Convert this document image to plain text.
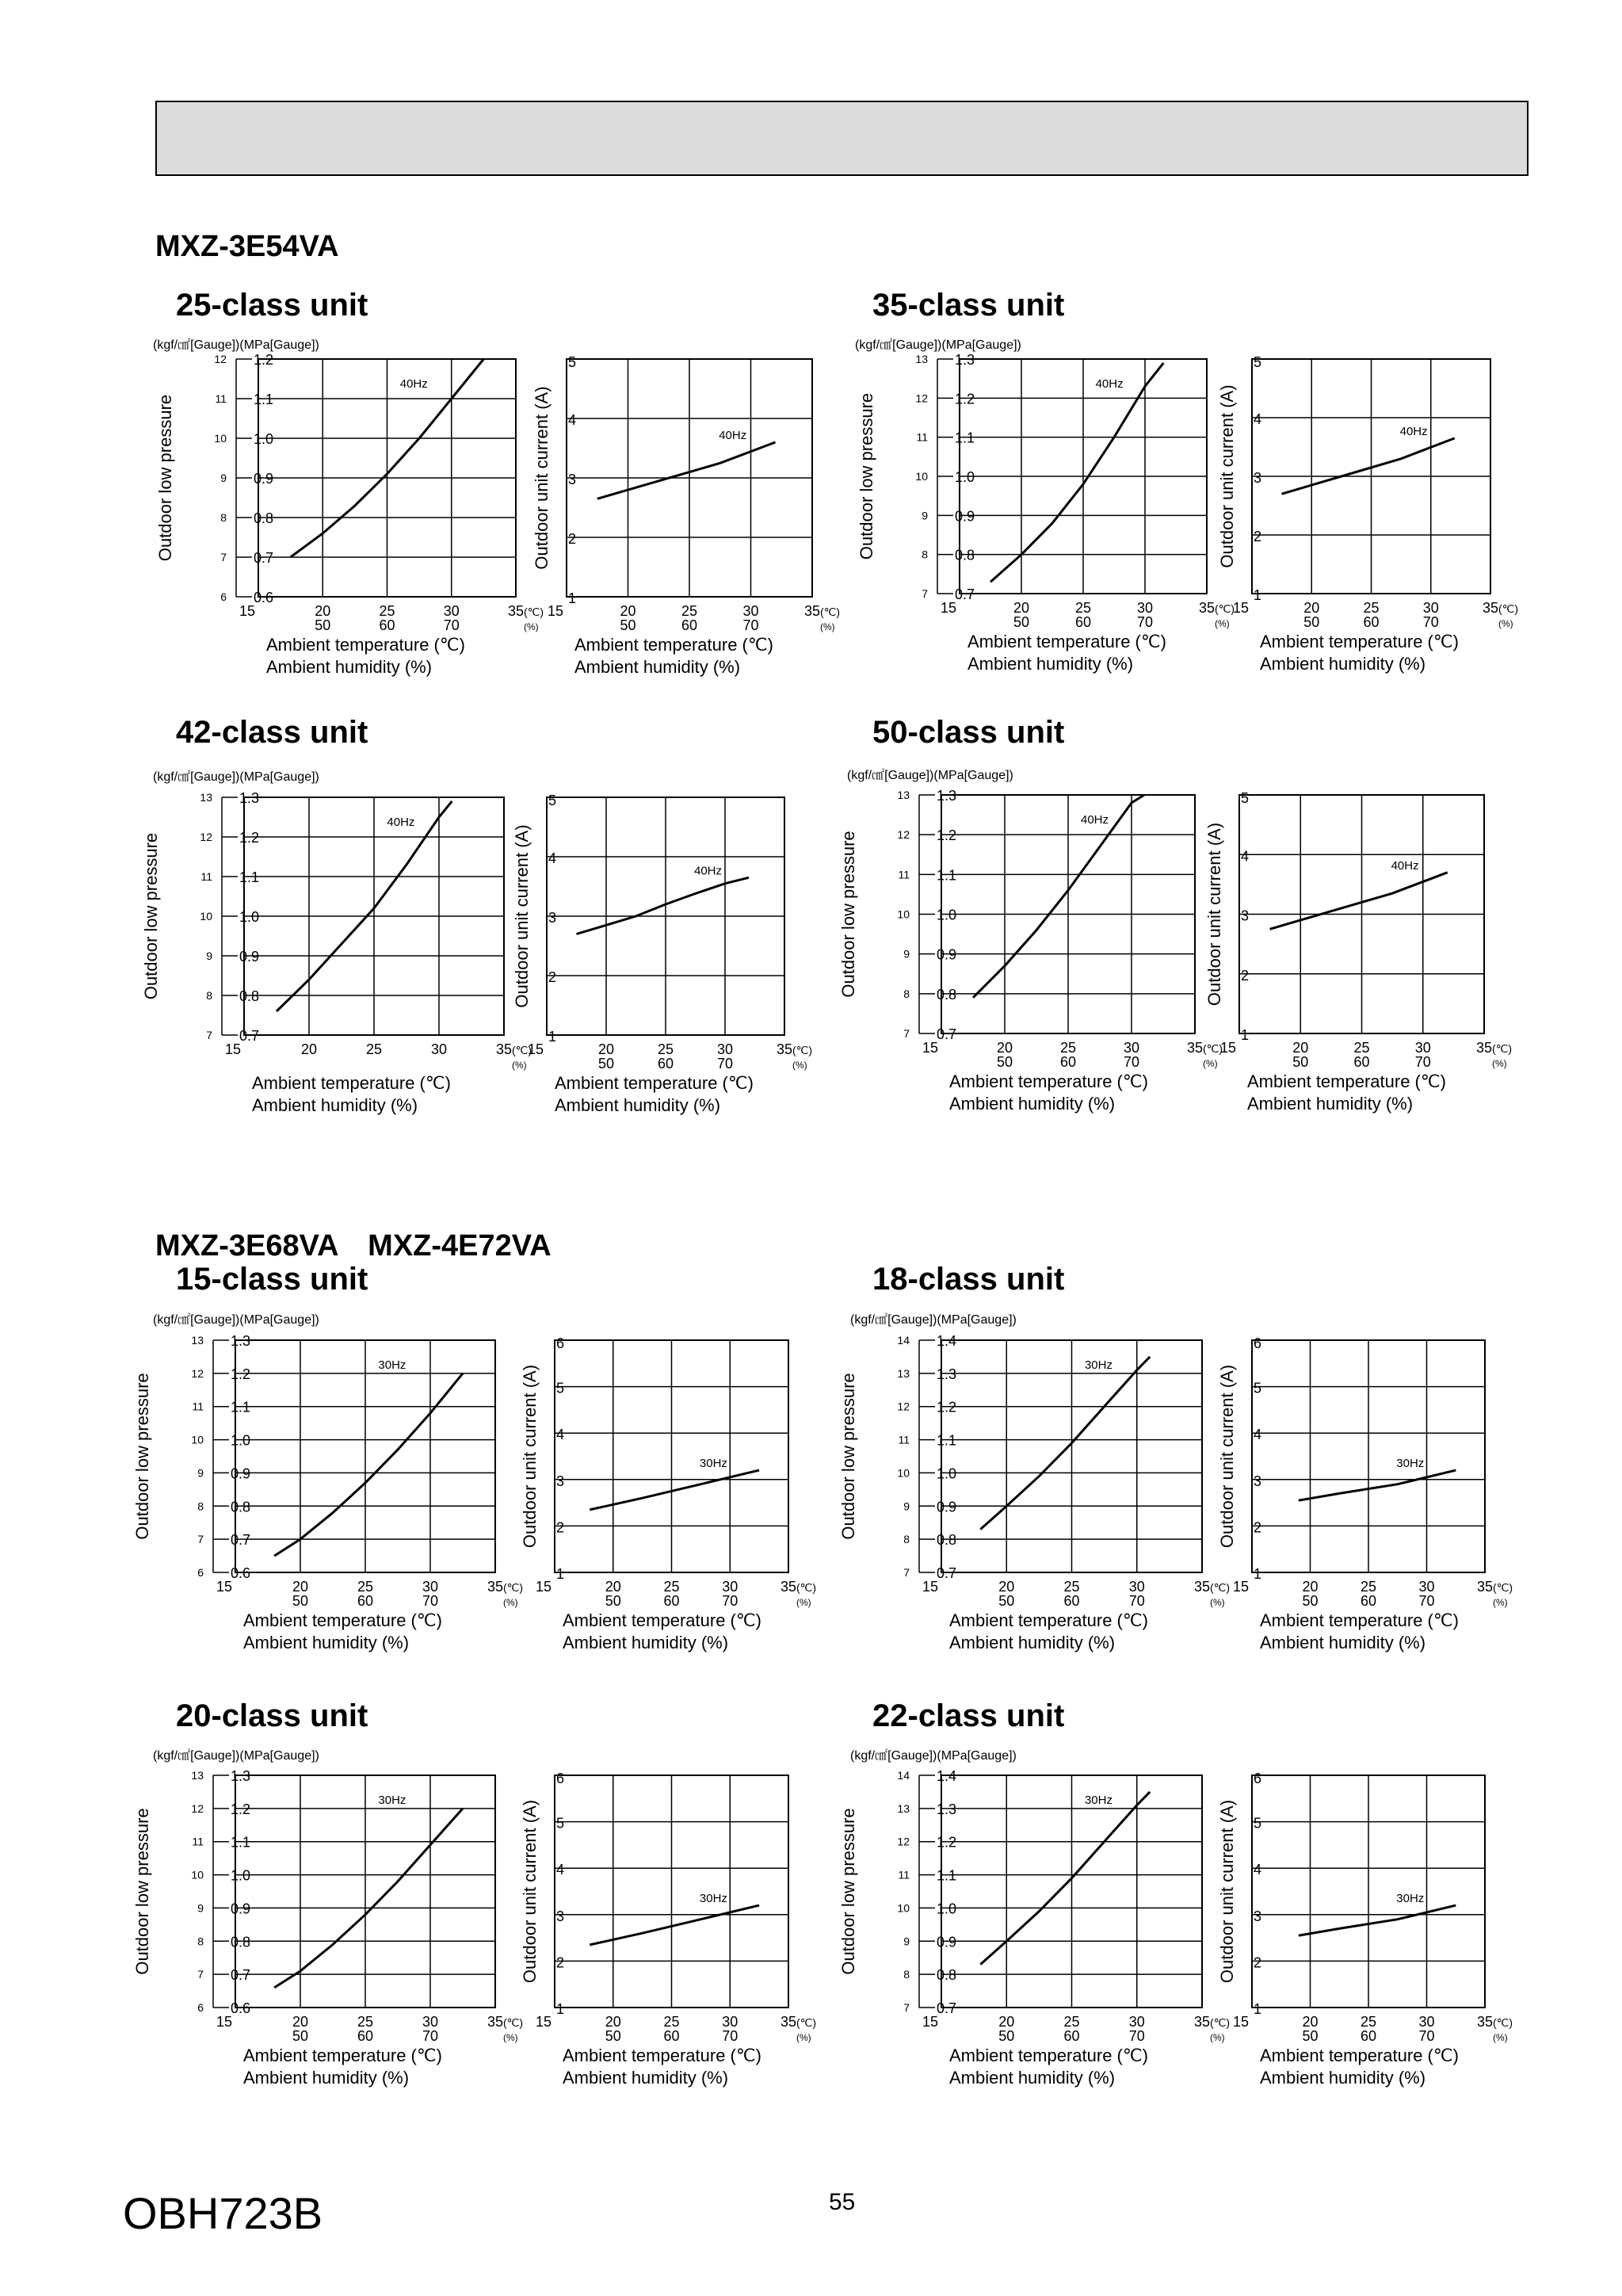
MXZ-3E54VA
MXZ-3E68VA　MXZ-4E72VA
25-class unit
(kgf/㎠[Gauge])(MPa[Gauge])
0.6
6
0.7
7
0.8
8
0.9
9
1.0
10
1.1
11
1.2
12
15	20	25	30	35
50	60	70
(℃)
(%)
Outdoor low pressure
Ambient temperature (℃)
Ambient humidity (%)
40Hz
1
2
3
4
5
15	20	25	30	35
50	60	70
(℃)
(%)
Outdoor unit current (A)
Ambient temperature (℃)
Ambient humidity (%)
40Hz
35-class unit
(kgf/㎠[Gauge])(MPa[Gauge])
0.7
7
0.8
8
0.9
9
1.0
10
1.1
11
1.2
12
1.3
13
15	20	25	30	35
50	60	70
(℃)
(%)
Outdoor low pressure
Ambient temperature (℃)
Ambient humidity (%)
40Hz
1
2
3
4
5
15	20	25	30	35
50	60	70
(℃)
(%)
Outdoor unit current (A)
Ambient temperature (℃)
Ambient humidity (%)
40Hz
42-class unit
(kgf/㎠[Gauge])(MPa[Gauge])
0.7
7
0.8
8
0.9
9
1.0
10
1.1
11
1.2
12
1.3
13
15	20	25	30	35 (℃)
(%)
Outdoor low pressure
Ambient temperature (℃)
Ambient humidity (%)
40Hz
1
2
3
4
5
15	20	25	30	35
50	60	70
(℃)
(%)
Outdoor unit current (A)
Ambient temperature (℃)
Ambient humidity (%)
40Hz
50-class unit
(kgf/㎠[Gauge])(MPa[Gauge])
0.7
7
0.8
8
0.9
9
1.0
10
1.1
11
1.2
12
1.3
13
15	20	25	30	35
50	60	70
(℃)
(%)
Outdoor low pressure
Ambient temperature (℃)
Ambient humidity (%)
40Hz
1
2
3
4
5
15	20	25	30	35
50	60	70
(℃)
(%)
Outdoor unit current (A)
Ambient temperature (℃)
Ambient humidity (%)
40Hz
15-class unit
(kgf/㎠[Gauge])(MPa[Gauge])
0.6
6
0.7
7
0.8
8
0.9
9
1.0
10
1.1
11
1.2
12
1.3
13
15	20	25	30	35
50	60	70
(℃)
(%)
Outdoor low pressure
Ambient temperature (℃)
Ambient humidity (%)
30Hz
1
2
3
4
5
6
15	20	25	30	35
50	60	70
(℃)
(%)
Outdoor unit current (A)
Ambient temperature (℃)
Ambient humidity (%)
30Hz
18-class unit
(kgf/㎠[Gauge])(MPa[Gauge])
0.7
7
0.8
8
0.9
9
1.0
10
1.1
11
1.2
12
1.3
13
1.4
14
15	20	25	30	35
50	60	70
(℃)
(%)
Outdoor low pressure
Ambient temperature (℃)
Ambient humidity (%)
30Hz
1
2
3
4
5
6
15	20	25	30	35
50	60	70
(℃)
(%)
Outdoor unit current (A)
Ambient temperature (℃)
Ambient humidity (%)
30Hz
20-class unit
(kgf/㎠[Gauge])(MPa[Gauge])
0.6
6
0.7
7
0.8
8
0.9
9
1.0
10
1.1
11
1.2
12
1.3
13
15	20	25	30	35
50	60	70
(℃)
(%)
Outdoor low pressure
Ambient temperature (℃)
Ambient humidity (%)
30Hz
1
2
3
4
5
6
15	20	25	30	35
50	60	70
(℃)
(%)
Outdoor unit current (A)
Ambient temperature (℃)
Ambient humidity (%)
30Hz
22-class unit
(kgf/㎠[Gauge])(MPa[Gauge])
0.7
7
0.8
8
0.9
9
1.0
10
1.1
11
1.2
12
1.3
13
1.4
14
15	20	25	30	35
50	60	70
(℃)
(%)
Outdoor low pressure
Ambient temperature (℃)
Ambient humidity (%)
30Hz
1
2
3
4
5
6
15	20	25	30	35
50	60	70
(℃)
(%)
Outdoor unit current (A)
Ambient temperature (℃)
Ambient humidity (%)
30Hz
OBH723B	55
